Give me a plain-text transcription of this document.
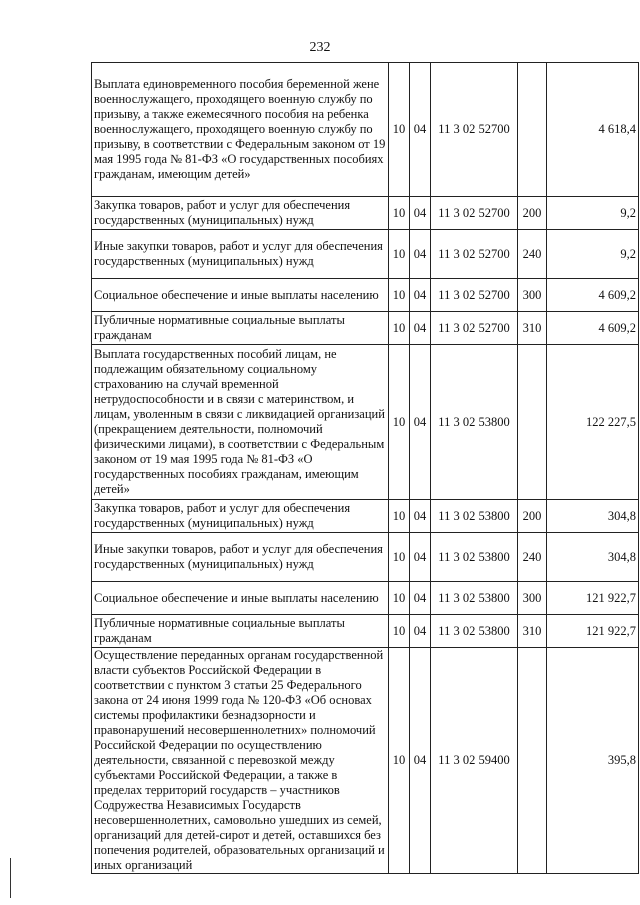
232
Выплата единовременного пособия беременной жене военнослужащего, проходящего военную службу по призыву, а также ежемесячного пособия на ребенка военнослужащего, проходящего военную службу по призыву, в соответствии с Федеральным законом от 19 мая 1995 года № 81-ФЗ «О государственных пособиях гражданам, имеющим детей»	10	04	11 3 02 52700		4 618,4
Закупка товаров, работ и услуг для обеспечения государственных (муниципальных) нужд	10	04	11 3 02 52700	200	9,2
Иные закупки товаров, работ и услуг для обеспечения государственных (муниципальных) нужд	10	04	11 3 02 52700	240	9,2
Социальное обеспечение и иные выплаты населению	10	04	11 3 02 52700	300	4 609,2
Публичные нормативные социальные выплаты гражданам	10	04	11 3 02 52700	310	4 609,2
Выплата государственных пособий лицам, не подлежащим обязательному социальному страхованию на случай временной нетрудоспособности и в связи с материнством, и лицам, уволенным в связи с ликвидацией организаций (прекращением деятельности, полномочий физическими лицами), в соответствии с Федеральным законом от 19 мая 1995 года № 81-ФЗ «О государственных пособиях гражданам, имеющим детей»	10	04	11 3 02 53800		122 227,5
Закупка товаров, работ и услуг для обеспечения государственных (муниципальных) нужд	10	04	11 3 02 53800	200	304,8
Иные закупки товаров, работ и услуг для обеспечения государственных (муниципальных) нужд	10	04	11 3 02 53800	240	304,8
Социальное обеспечение и иные выплаты населению	10	04	11 3 02 53800	300	121 922,7
Публичные нормативные социальные выплаты гражданам	10	04	11 3 02 53800	310	121 922,7
Осуществление переданных органам государственной власти субъектов Российской Федерации в соответствии с пунктом 3 статьи 25 Федерального закона от 24 июня 1999 года № 120-ФЗ «Об основах системы профилактики безнадзорности и правонарушений несовершеннолетних» полномочий Российской Федерации по осуществлению деятельности, связанной с перевозкой между субъектами Российской Федерации, а также в пределах территорий государств – участников Содружества Независимых Государств несовершеннолетних, самовольно ушедших из семей, организаций для детей-сирот и детей, оставшихся без попечения родителей, образовательных организаций и иных организаций	10	04	11 3 02 59400		395,8
